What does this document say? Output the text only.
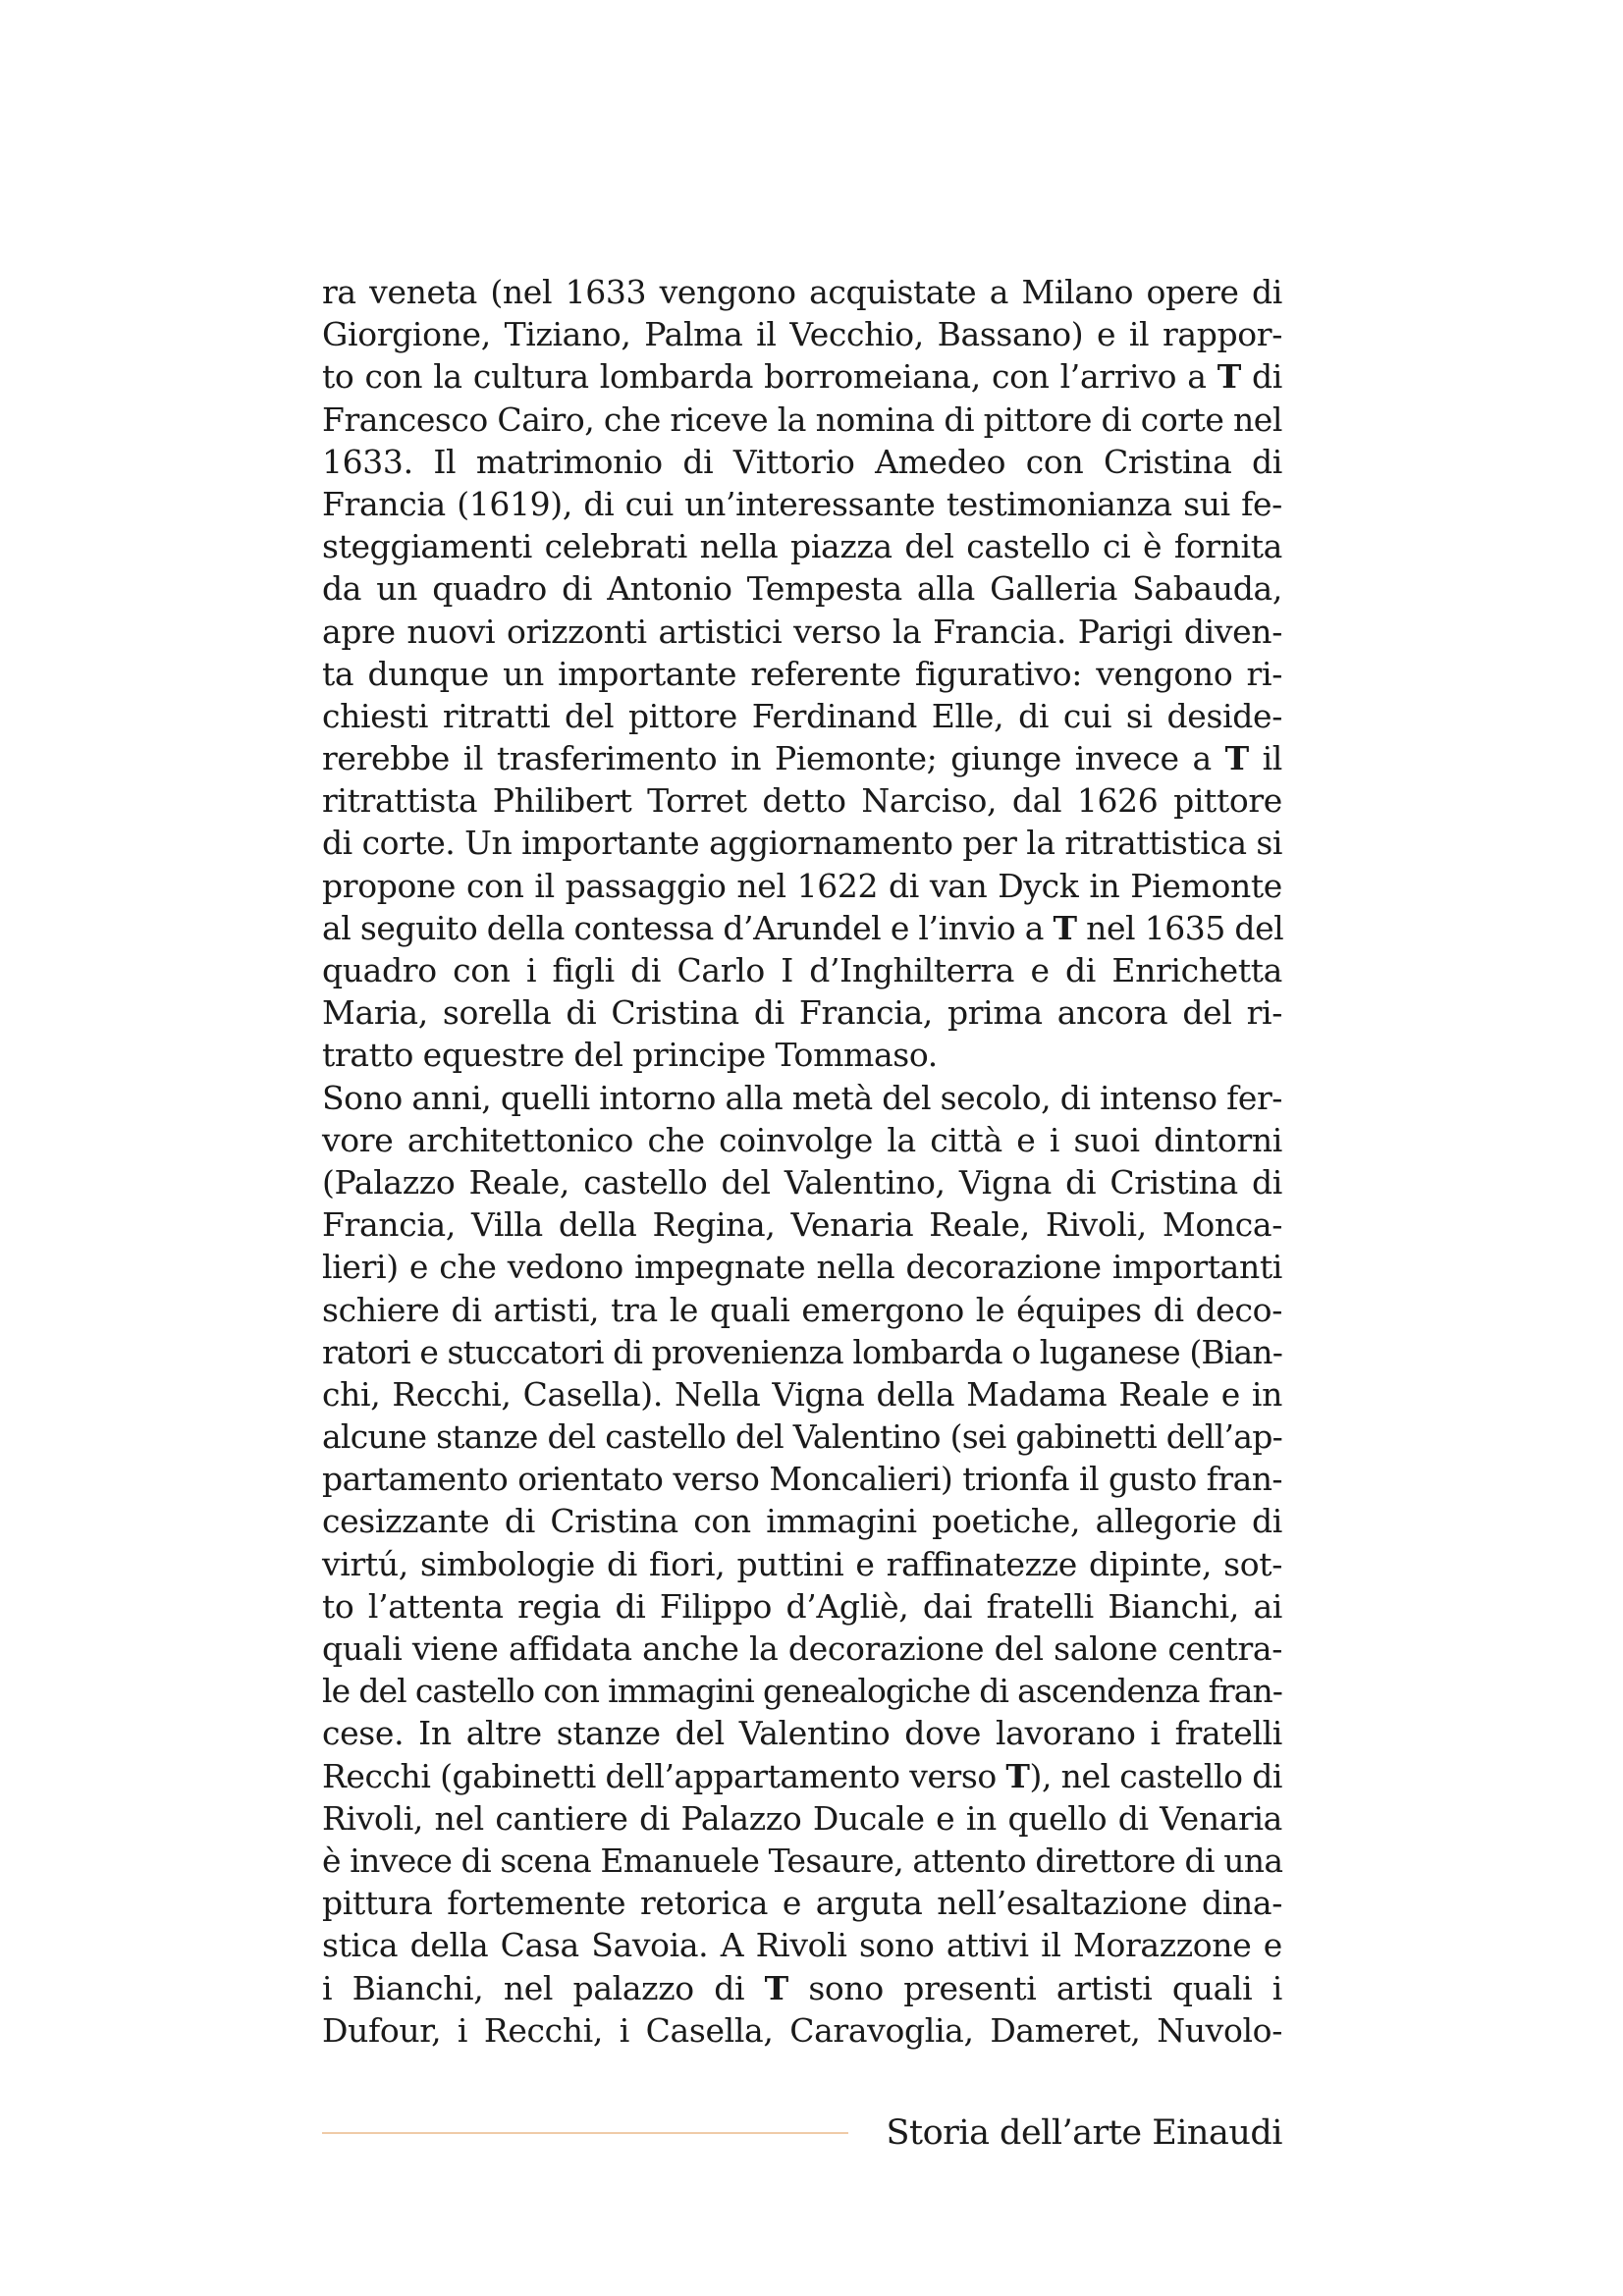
ra veneta (nel 1633 vengono acquistate a Milano opere di
Giorgione, Tiziano, Palma il Vecchio, Bassano) e il rappor-
to con la cultura lombarda borromeiana, con l’arrivo a T di
Francesco Cairo, che riceve la nomina di pittore di corte nel
1633. Il matrimonio di Vittorio Amedeo con Cristina di
Francia (1619), di cui un’interessante testimonianza sui fe-
steggiamenti celebrati nella piazza del castello ci è fornita
da un quadro di Antonio Tempesta alla Galleria Sabauda,
apre nuovi orizzonti artistici verso la Francia. Parigi diven-
ta dunque un importante referente figurativo: vengono ri-
chiesti ritratti del pittore Ferdinand Elle, di cui si deside-
rerebbe il trasferimento in Piemonte; giunge invece a T il
ritrattista Philibert Torret detto Narciso, dal 1626 pittore
di corte. Un importante aggiornamento per la ritrattistica si
propone con il passaggio nel 1622 di van Dyck in Piemonte
al seguito della contessa d’Arundel e l’invio a T nel 1635 del
quadro con i figli di Carlo I d’Inghilterra e di Enrichetta
Maria, sorella di Cristina di Francia, prima ancora del ri-
tratto equestre del principe Tommaso.
Sono anni, quelli intorno alla metà del secolo, di intenso fer-
vore architettonico che coinvolge la città e i suoi dintorni
(Palazzo Reale, castello del Valentino, Vigna di Cristina di
Francia, Villa della Regina, Venaria Reale, Rivoli, Monca-
lieri) e che vedono impegnate nella decorazione importanti
schiere di artisti, tra le quali emergono le équipes di deco-
ratori e stuccatori di provenienza lombarda o luganese (Bian-
chi, Recchi, Casella). Nella Vigna della Madama Reale e in
alcune stanze del castello del Valentino (sei gabinetti dell’ap-
partamento orientato verso Moncalieri) trionfa il gusto fran-
cesizzante di Cristina con immagini poetiche, allegorie di
virtú, simbologie di fiori, puttini e raffinatezze dipinte, sot-
to l’attenta regia di Filippo d’Agliè, dai fratelli Bianchi, ai
quali viene affidata anche la decorazione del salone centra-
le del castello con immagini genealogiche di ascendenza fran-
cese. In altre stanze del Valentino dove lavorano i fratelli
Recchi (gabinetti dell’appartamento verso T), nel castello di
Rivoli, nel cantiere di Palazzo Ducale e in quello di Venaria
è invece di scena Emanuele Tesaure, attento direttore di una
pittura fortemente retorica e arguta nell’esaltazione dina-
stica della Casa Savoia. A Rivoli sono attivi il Morazzone e
i Bianchi, nel palazzo di T sono presenti artisti quali i
Dufour, i Recchi, i Casella, Caravoglia, Dameret, Nuvolo-
Storia dell’arte Einaudi
